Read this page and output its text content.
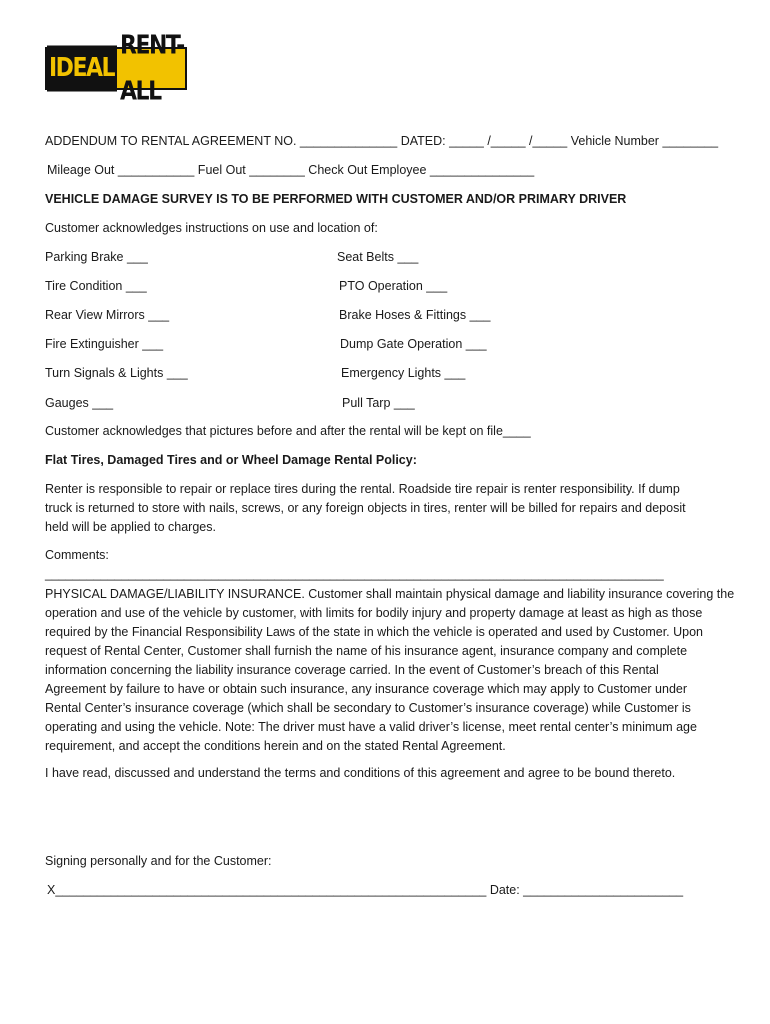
IDEAL
RENT-ALL
ADDENDUM TO RENTAL AGREEMENT NO. ______________ DATED: _____ /_____ /_____ Vehicle Number ________
Mileage Out ___________ Fuel Out ________ Check Out Employee _______________
VEHICLE DAMAGE SURVEY IS TO BE PERFORMED WITH CUSTOMER AND/OR PRIMARY DRIVER
Customer acknowledges instructions on use and location of:
Parking Brake ___	Seat Belts ___
Tire Condition ___	PTO Operation ___
Rear View Mirrors ___	Brake Hoses & Fittings ___
Fire Extinguisher ___	Dump Gate Operation ___
Turn Signals & Lights ___	Emergency Lights ___
Gauges ___	Pull Tarp ___
Customer acknowledges that pictures before and after the rental will be kept on file____
Flat Tires, Damaged Tires and or Wheel Damage Rental Policy:
Renter is responsible to repair or replace tires during the rental. Roadside tire repair is renter responsibility. If dump
truck is returned to store with nails, screws, or any foreign objects in tires, renter will be billed for repairs and deposit
held will be applied to charges.
Comments:
_________________________________________________________________________________________
PHYSICAL DAMAGE/LIABILITY INSURANCE. Customer shall maintain physical damage and liability insurance covering the
operation and use of the vehicle by customer, with limits for bodily injury and property damage at least as high as those
required by the Financial Responsibility Laws of the state in which the vehicle is operated and used by Customer. Upon
request of Rental Center, Customer shall furnish the name of his insurance agent, insurance company and complete
information concerning the liability insurance coverage carried. In the event of Customer’s breach of this Rental
Agreement by failure to have or obtain such insurance, any insurance coverage which may apply to Customer under
Rental Center’s insurance coverage (which shall be secondary to Customer’s insurance coverage) while Customer is
operating and using the vehicle. Note: The driver must have a valid driver’s license, meet rental center’s minimum age
requirement, and accept the conditions herein and on the stated Rental Agreement.
I have read, discussed and understand the terms and conditions of this agreement and agree to be bound thereto.
Signing personally and for the Customer:
X______________________________________________________________ Date: _______________________
